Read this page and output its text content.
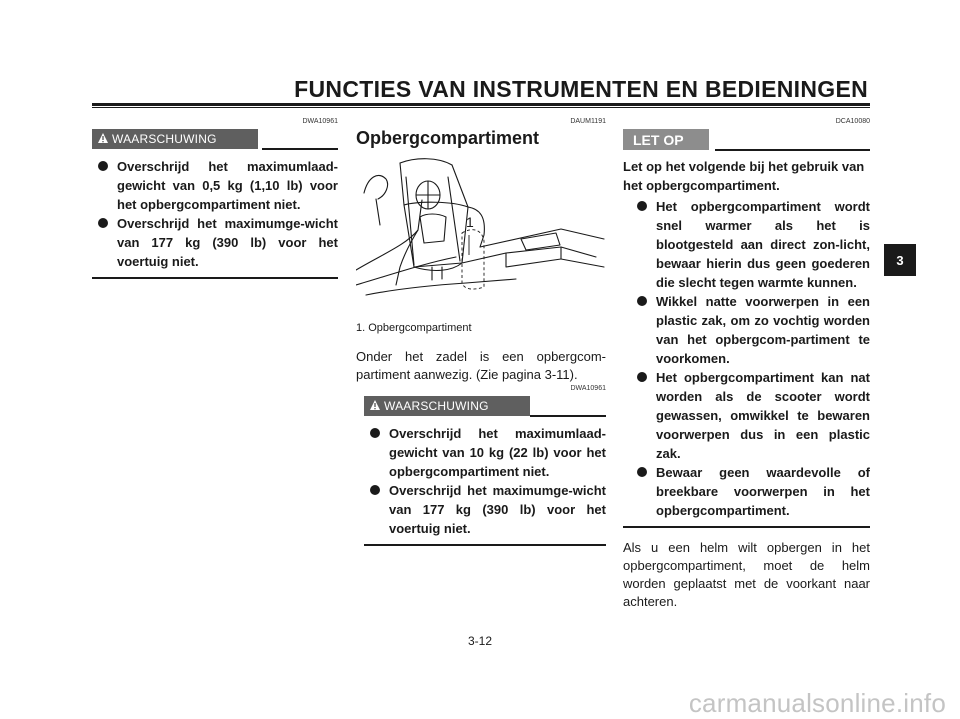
FUNCTIES VAN INSTRUMENTEN EN BEDIENINGEN
DWA10961
WAARSCHUWING
Overschrijd het maximumlaad-gewicht van 0,5 kg (1,10 lb) voor het opbergcompartiment niet.
Overschrijd het maximumge-wicht van 177 kg (390 lb) voor het voertuig niet.
DAUM1191
Opbergcompartiment
1
1. Opbergcompartiment
Onder het zadel is een opbergcom-partiment aanwezig. (Zie pagina 3-11).
DWA10961
WAARSCHUWING
Overschrijd het maximumlaad-gewicht van 10 kg (22 lb) voor het opbergcompartiment niet.
Overschrijd het maximumge-wicht van 177 kg (390 lb) voor het voertuig niet.
DCA10080
LET OP
Let op het volgende bij het gebruik van het opbergcompartiment.
Het opbergcompartiment wordt snel warmer als het is blootgesteld aan direct zon-licht, bewaar hierin dus geen goederen die slecht tegen warmte kunnen.
Wikkel natte voorwerpen in een plastic zak, om zo vochtig worden van het opbergcom-partiment te voorkomen.
Het opbergcompartiment kan nat worden als de scooter wordt gewassen, omwikkel te bewaren voorwerpen dus in een plastic zak.
Bewaar geen waardevolle of breekbare voorwerpen in het opbergcompartiment.
Als u een helm wilt opbergen in het opbergcompartiment, moet de helm worden geplaatst met de voorkant naar achteren.
3
3-12
carmanualsonline.info
